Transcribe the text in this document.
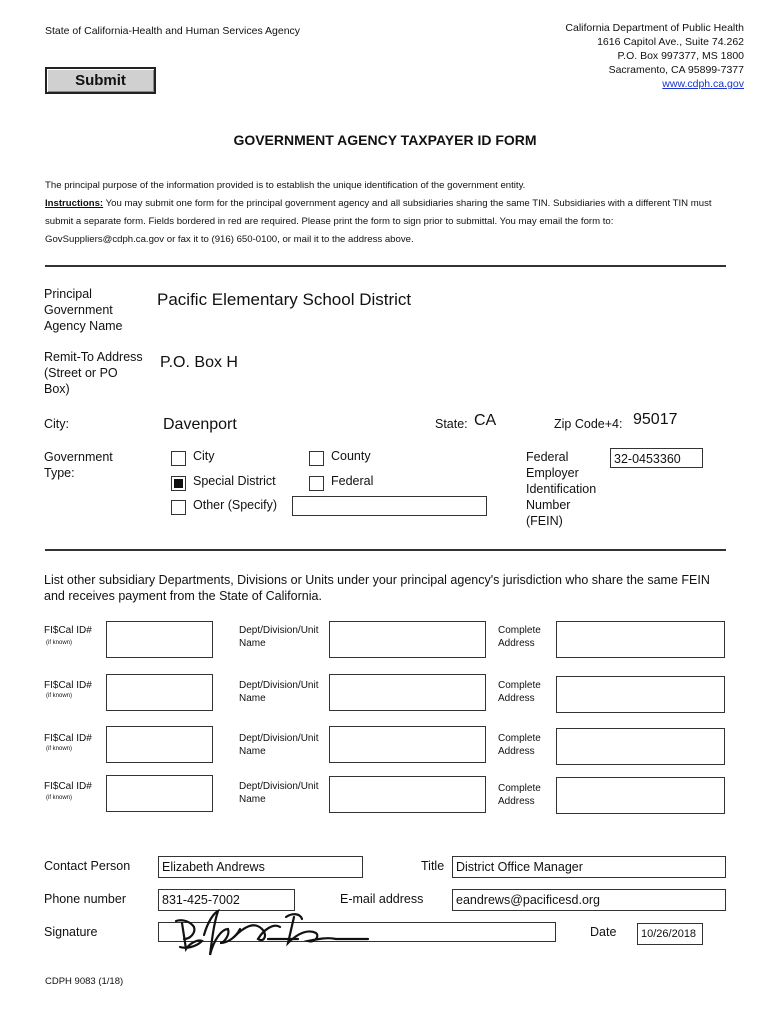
State of California-Health and Human Services Agency	California Department of Public Health
1616 Capitol Ave., Suite 74.262
P.O. Box 997377, MS 1800
Sacramento, CA 95899-7377
www.cdph.ca.gov
Submit
GOVERNMENT AGENCY TAXPAYER ID FORM
The principal purpose of the information provided is to establish the unique identification of the government entity.
Instructions: You may submit one form for the principal government agency and all subsidiaries sharing the same TIN. Subsidiaries with a different TIN must submit a separate form. Fields bordered in red are required. Please print the form to sign prior to submittal. You may email the form to: GovSuppliers@cdph.ca.gov or fax it to (916) 650-0100, or mail it to the address above.
Principal Government Agency Name
Pacific Elementary School District
Remit-To Address (Street or PO Box)
P.O. Box H
City:	Davenport	State: CA	Zip Code+4: 95017
Government Type:
City	County
Special District	Federal
Other (Specify)
Federal Employer Identification Number (FEIN)
32-0453360
List other subsidiary Departments, Divisions or Units under your principal agency's jurisdiction who share the same FEIN and receives payment from the State of California.
FI$Cal ID#
(if known)
Dept/Division/Unit Name
Complete Address
FI$Cal ID#
(if known)
Dept/Division/Unit Name
Complete Address
FI$Cal ID#
(if known)
Dept/Division/Unit Name
Complete Address
FI$Cal ID#
(if known)
Dept/Division/Unit Name
Complete Address
Contact Person	Elizabeth Andrews	Title District Office Manager
Phone number	831-425-7002	E-mail address	eandrews@pacificesd.org
Signature	Date	10/26/2018
CDPH 9083 (1/18)
